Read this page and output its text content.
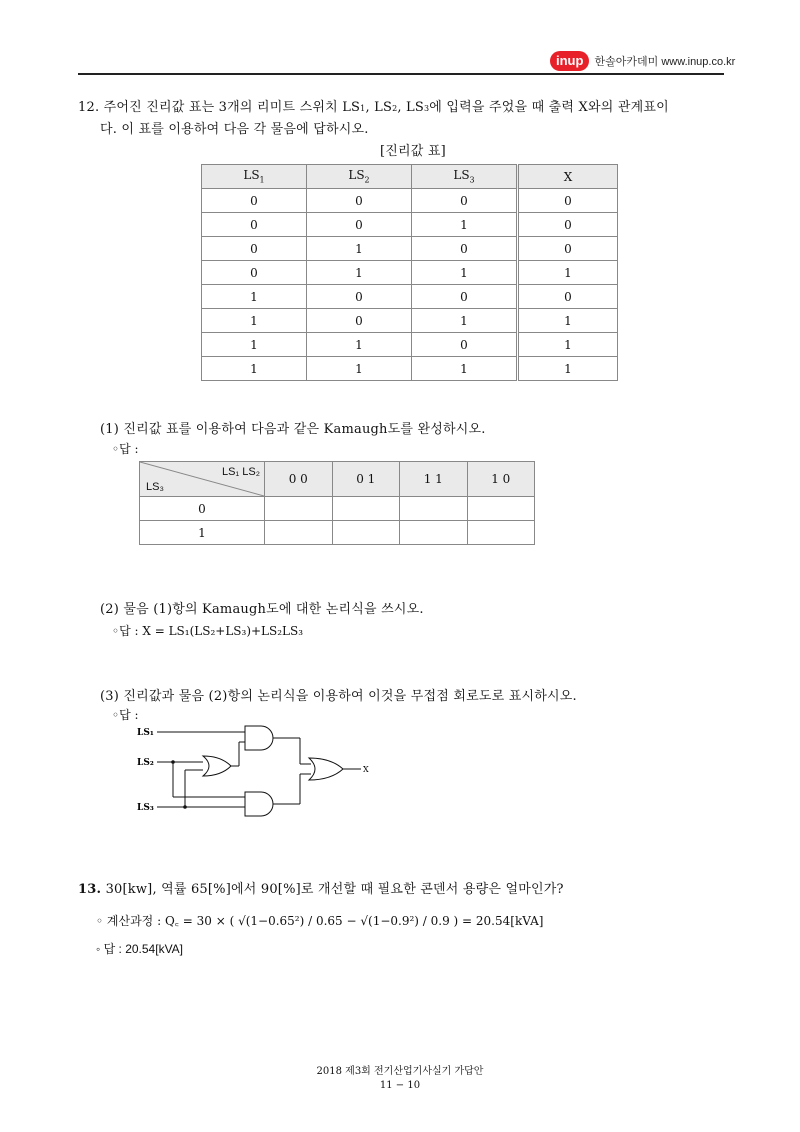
inup 한솔아카데미 www.inup.co.kr
12. 주어진 진리값 표는 3개의 리미트 스위치 LS1, LS2, LS3에 입력을 주었을 때 출력 X와의 관계표이
다. 이 표를 이용하여 다음 각 물음에 답하시오.
[진리값 표]
$LS_1$	$LS_2$	$LS_3$	X
0	0	0	0
0	0	1	0
0	1	0	0
0	1	1	1
1	0	0	0
1	0	1	1
1	1	0	1
1	1	1	1
(1) 진리값 표를 이용하여 다음과 같은 Kamaugh도를 완성하시오.
◦답 :
LS₁ LS₂
LS₃	0 0	0 1	1 1	1 0
0				
1				
(2) 물음 (1)항의 Kamaugh도에 대한 논리식을 쓰시오.
◦답 : X = LS₁(LS₂+LS₃)+LS₂LS₃
(3) 진리값과 물음 (2)항의 논리식을 이용하여 이것을 무접점 회로도로 표시하시오.
◦답 :
LS₁
LS₂
LS₃
X
13. 30[kw], 역률 65[%]에서 90[%]로 개선할 때 필요한 콘덴서 용량은 얼마인가?
◦ 계산과정 : Q꜀ = 30 × ( √(1−0.65²) / 0.65 − √(1−0.9²) / 0.9 ) = 20.54[kVA]
◦ 답 : 20.54[kVA]
2018 제3회 전기산업기사실기 가답안
11 − 10
